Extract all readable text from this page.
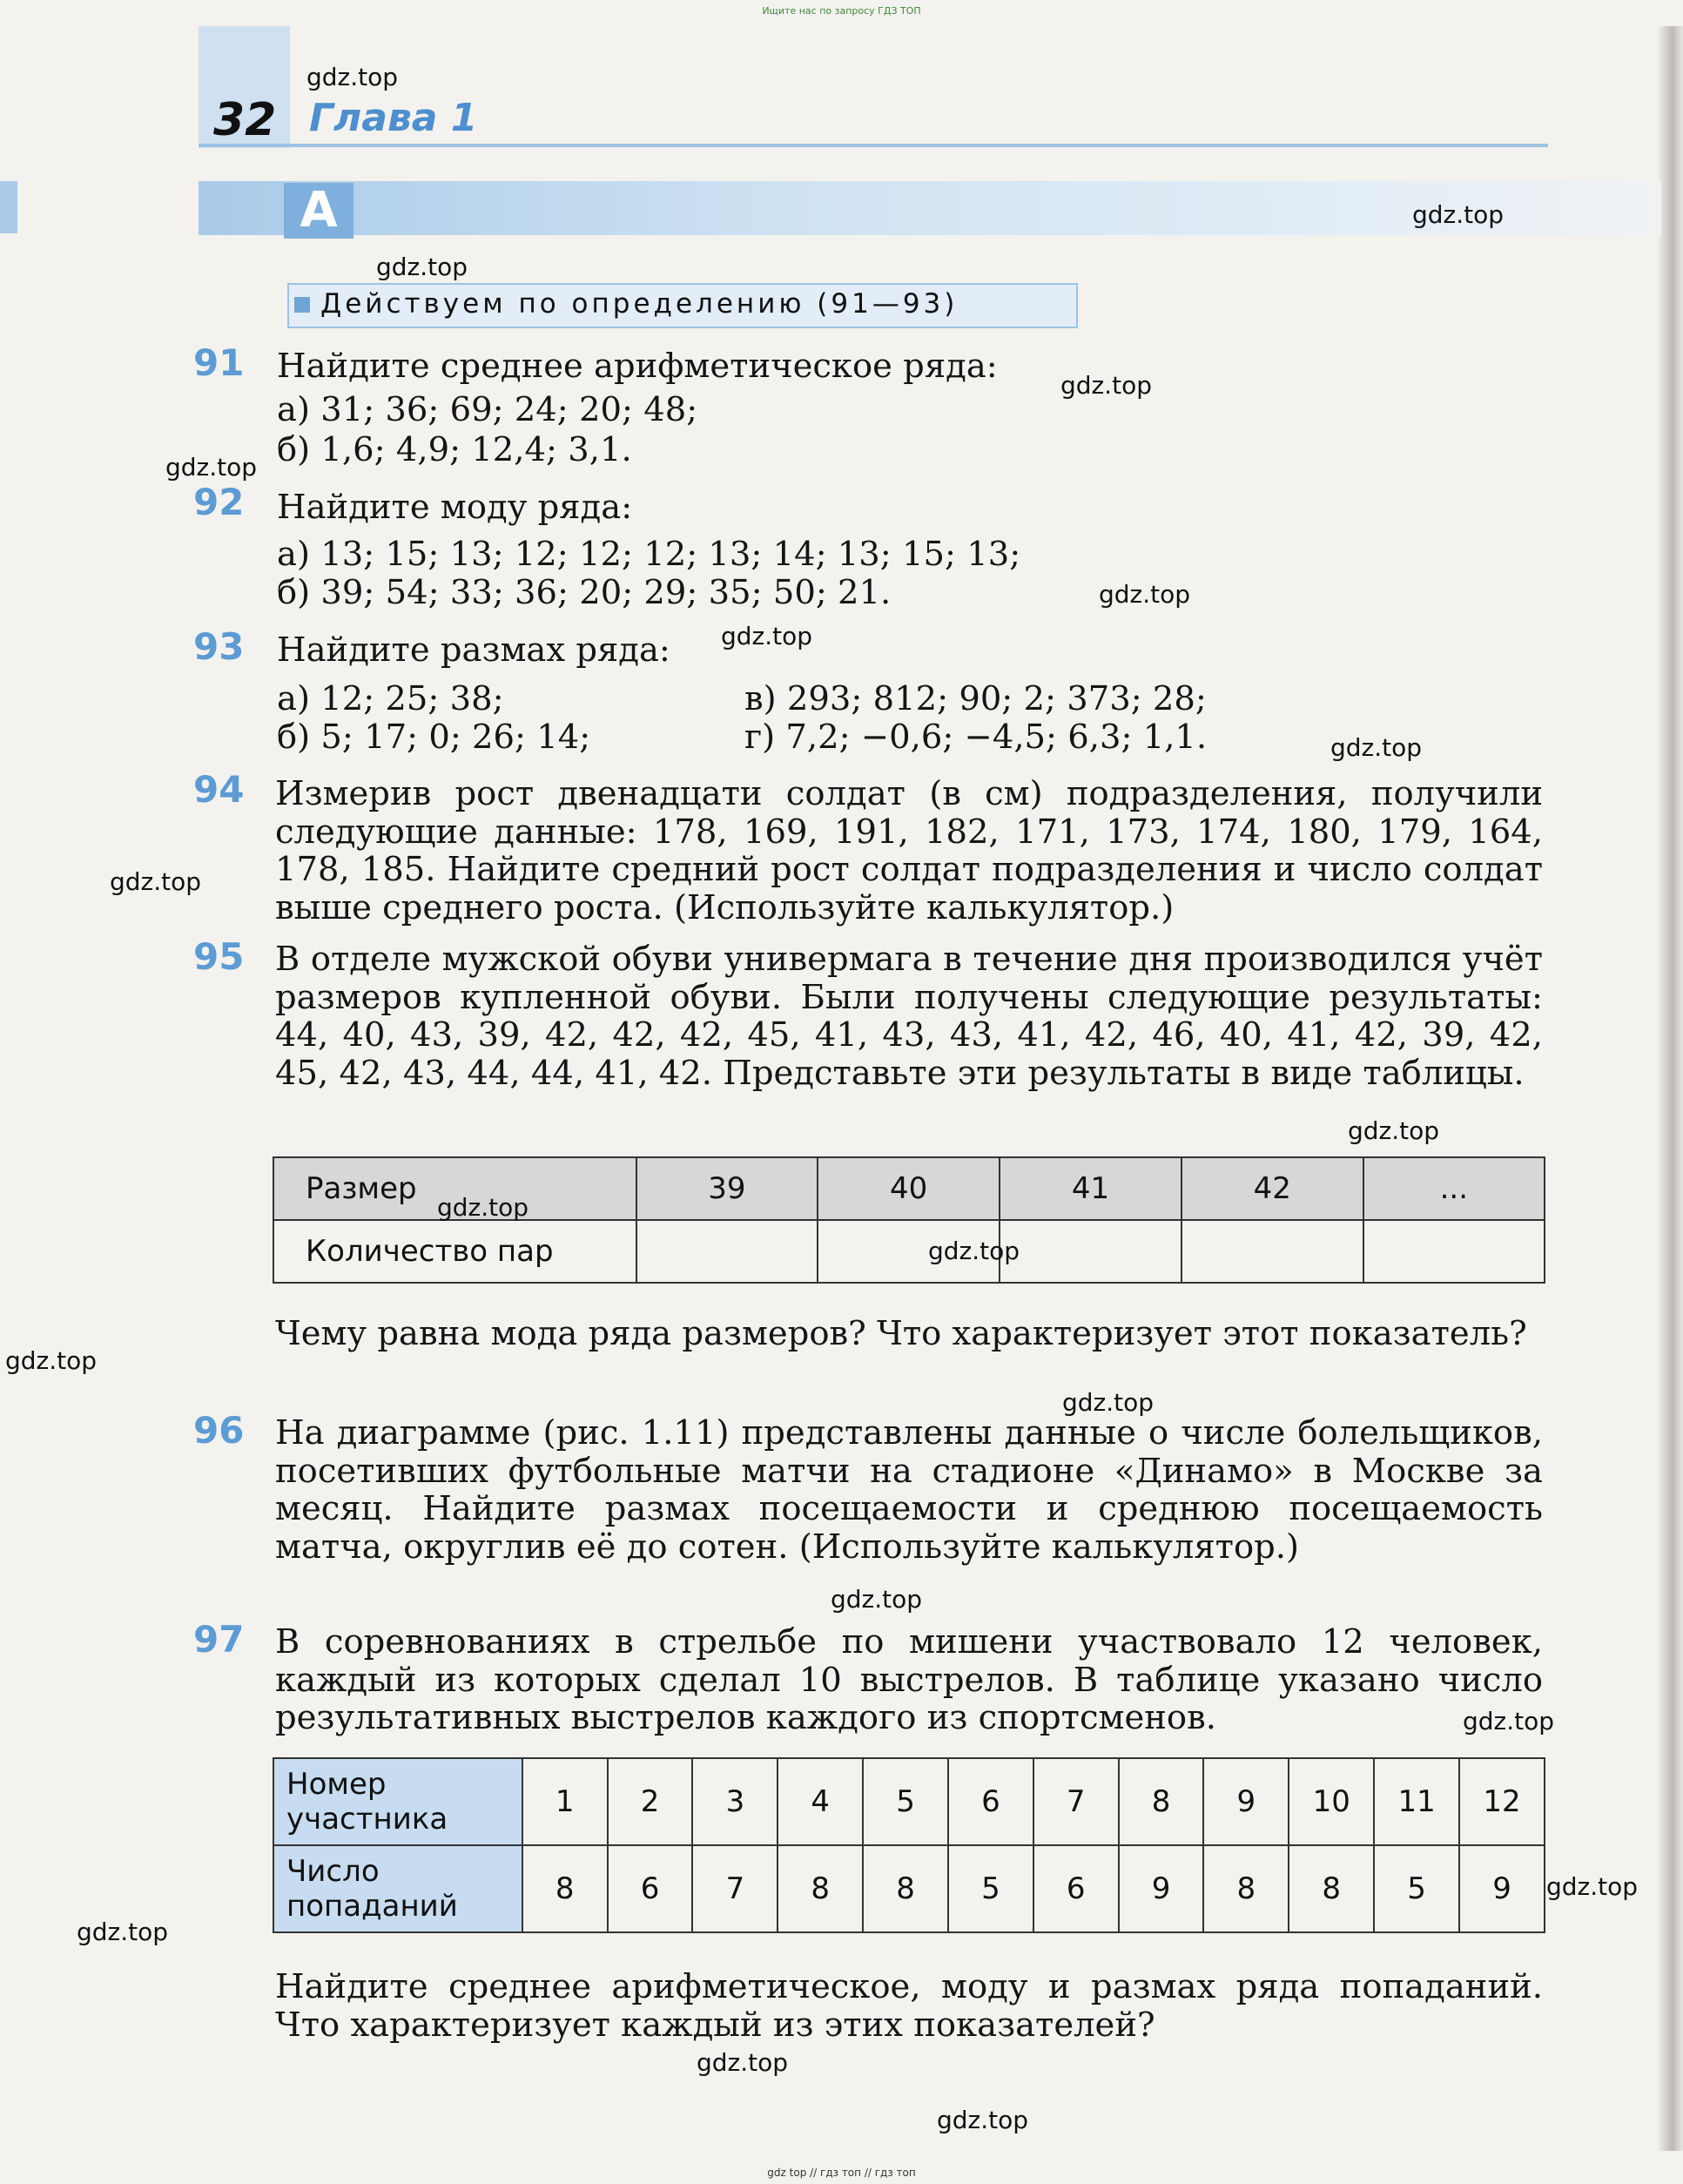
А
Ищите нас по запросу ГДЗ ТОП
gdz top // гдз топ // гдз топ
32 Глава 1
Действуем по определению (91—93)
91 Найдите среднее арифметическое ряда:
а) 31; 36; 69; 24; 20; 48;
б) 1,6; 4,9; 12,4; 3,1.
92 Найдите моду ряда:
а) 13; 15; 13; 12; 12; 12; 13; 14; 13; 15; 13;
б) 39; 54; 33; 36; 20; 29; 35; 50; 21.
93 Найдите размах ряда:
а) 12; 25; 38;
б) 5; 17; 0; 26; 14;
в) 293; 812; 90; 2; 373; 28;
г) 7,2; −0,6; −4,5; 6,3; 1,1.
94 Измерив рост двенадцати солдат (в см) подразделения, получили следующие данные: 178, 169, 191, 182, 171, 173, 174, 180, 179, 164, 178, 185. Найдите средний рост солдат подразделения и число солдат выше среднего роста. (Используйте калькулятор.)
95 В отделе мужской обуви универмага в течение дня производился учёт размеров купленной обуви. Были получены следующие результаты: 44, 40, 43, 39, 42, 42, 42, 45, 41, 43, 43, 41, 42, 46, 40, 41, 42, 39, 42, 45, 42, 43, 44, 44, 41, 42. Представьте эти результаты в виде таблицы.
Размер	39	40	41	42	...
Количество пар					
Чему равна мода ряда размеров? Что характеризует этот показатель?
96 На диаграмме (рис. 1.11) представлены данные о числе болельщиков, посетивших футбольные матчи на стадионе «Динамо» в Москве за месяц. Найдите размах посещаемости и среднюю посещаемость матча, округлив её до сотен. (Используйте калькулятор.)
97 В соревнованиях в стрельбе по мишени участвовало 12 человек, каждый из которых сделал 10 выстрелов. В таблице указано число результативных выстрелов каждого из спортсменов.
Номер участника	1	2	3	4	5	6	7	8	9	10	11	12
Число попаданий	8	6	7	8	8	5	6	9	8	8	5	9
Найдите среднее арифметическое, моду и размах ряда попаданий. Что характеризует каждый из этих показателей?
gdz.top
gdz.top
gdz.top
gdz.top
gdz.top
gdz.top
gdz.top
gdz.top
gdz.top
gdz.top
gdz.top
gdz.top
gdz.top
gdz.top
gdz.top
gdz.top
gdz.top
gdz.top
gdz.top
gdz.top
